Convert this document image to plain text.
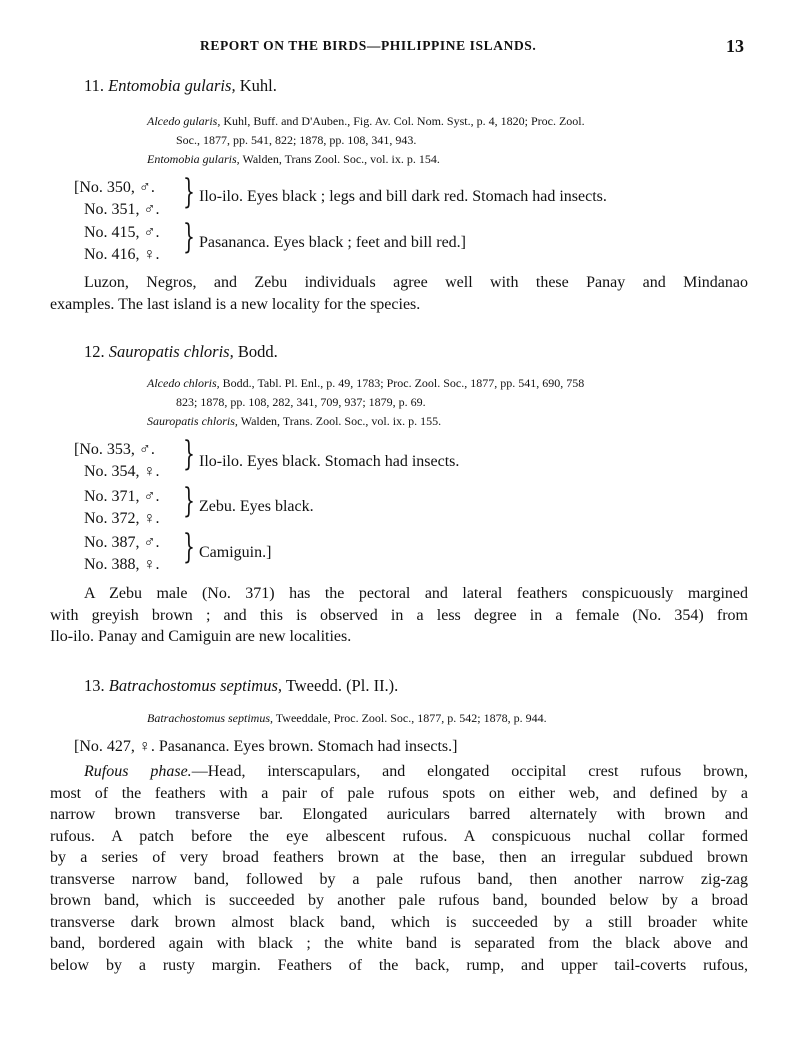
REPORT ON THE BIRDS—PHILIPPINE ISLANDS.	13
11. Entomobia gularis, Kuhl.
Alcedo gularis, Kuhl, Buff. and D'Auben., Fig. Av. Col. Nom. Syst., p. 4, 1820; Proc. Zool.
Soc., 1877, pp. 541, 822; 1878, pp. 108, 341, 943.
Entomobia gularis, Walden, Trans Zool. Soc., vol. ix. p. 154.
[No. 350, ♂.
No. 351, ♂. } Ilo-ilo. Eyes black ; legs and bill dark red. Stomach had insects.
No. 415, ♂.
No. 416, ♀. } Pasananca. Eyes black ; feet and bill red.]
Luzon, Negros, and Zebu individuals agree well with these Panay and Mindanao
examples. The last island is a new locality for the species.
12. Sauropatis chloris, Bodd.
Alcedo chloris, Bodd., Tabl. Pl. Enl., p. 49, 1783; Proc. Zool. Soc., 1877, pp. 541, 690, 758
823; 1878, pp. 108, 282, 341, 709, 937; 1879, p. 69.
Sauropatis chloris, Walden, Trans. Zool. Soc., vol. ix. p. 155.
[No. 353, ♂.
No. 354, ♀. } Ilo-ilo. Eyes black. Stomach had insects.
No. 371, ♂.
No. 372, ♀. } Zebu. Eyes black.
No. 387, ♂.
No. 388, ♀. } Camiguin.]
A Zebu male (No. 371) has the pectoral and lateral feathers conspicuously margined
with greyish brown ; and this is observed in a less degree in a female (No. 354) from
Ilo-ilo. Panay and Camiguin are new localities.
13. Batrachostomus septimus, Tweedd. (Pl. II.).
Batrachostomus septimus, Tweeddale, Proc. Zool. Soc., 1877, p. 542; 1878, p. 944.
[No. 427, ♀. Pasananca. Eyes brown. Stomach had insects.]
Rufous phase.—Head, interscapulars, and elongated occipital crest rufous brown,
most of the feathers with a pair of pale rufous spots on either web, and defined by a
narrow brown transverse bar. Elongated auriculars barred alternately with brown and
rufous. A patch before the eye albescent rufous. A conspicuous nuchal collar formed
by a series of very broad feathers brown at the base, then an irregular subdued brown
transverse narrow band, followed by a pale rufous band, then another narrow zig-zag
brown band, which is succeeded by another pale rufous band, bounded below by a broad
transverse dark brown almost black band, which is succeeded by a still broader white
band, bordered again with black ; the white band is separated from the black above and
below by a rusty margin. Feathers of the back, rump, and upper tail-coverts rufous,
